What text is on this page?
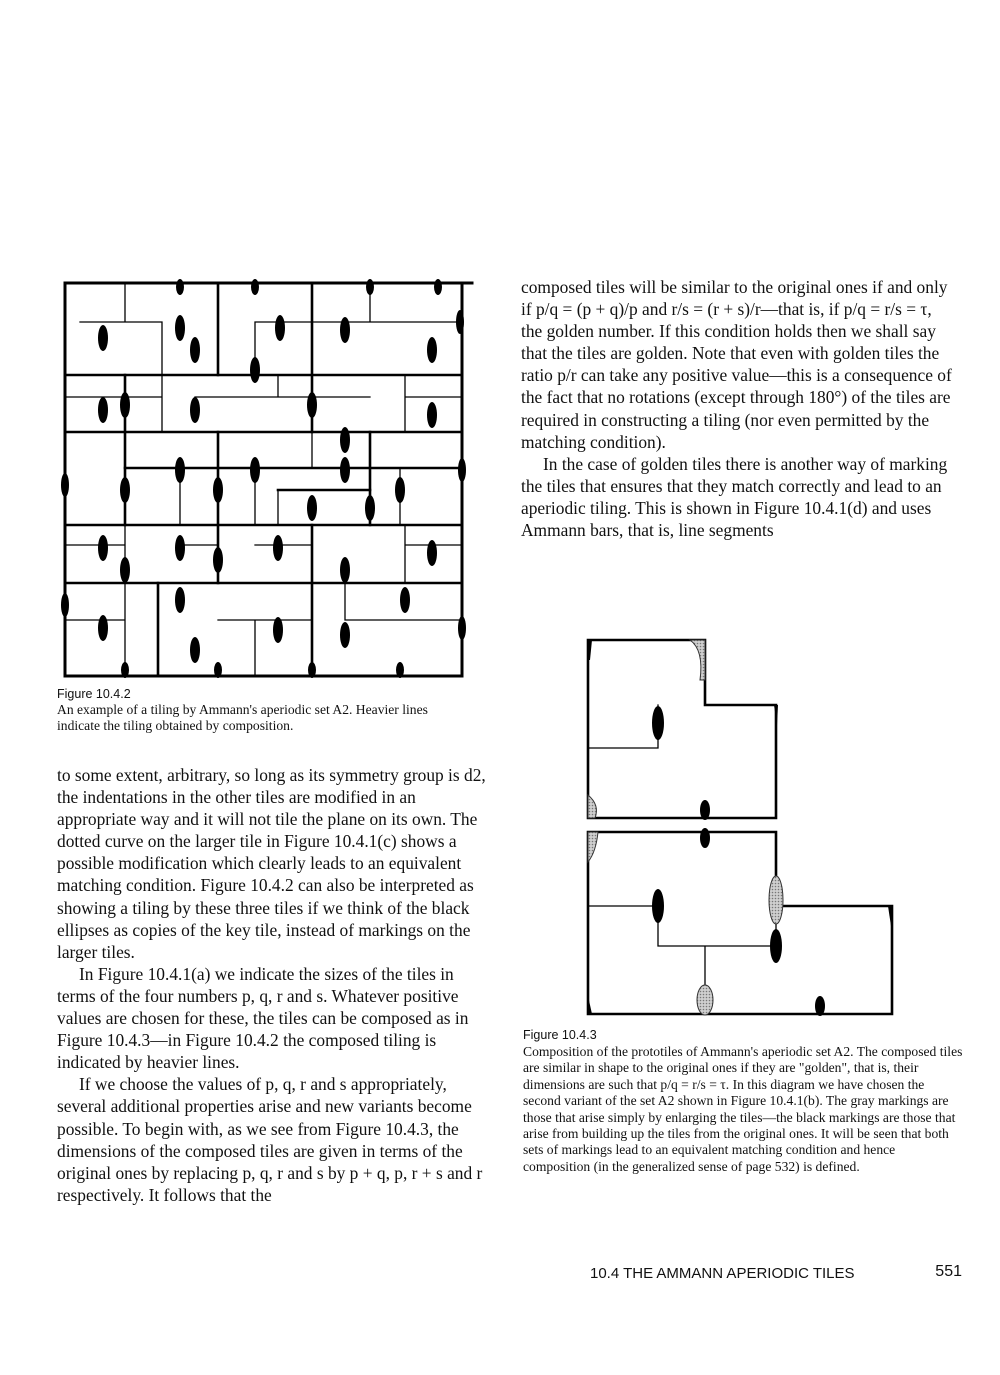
Figure 10.4.2
An example of a tiling by Ammann's aperiodic set A2. Heavier lines indicate the tiling obtained by composition.

composed tiles will be similar to the original ones if and only if p/q = (p + q)/p and r/s = (r + s)/r—that is, if p/q = r/s = τ, the golden number. If this condition holds then we shall say that the tiles are golden. Note that even with golden tiles the ratio p/r can take any positive value—this is a consequence of the fact that no rotations (except through 180°) of the tiles are required in constructing a tiling (nor even permitted by the matching condition).

In the case of golden tiles there is another way of marking the tiles that ensures that they match correctly and lead to an aperiodic tiling. This is shown in Figure 10.4.1(d) and uses Ammann bars, that is, line segments

to some extent, arbitrary, so long as its symmetry group is d2, the indentations in the other tiles are modified in an appropriate way and it will not tile the plane on its own. The dotted curve on the larger tile in Figure 10.4.1(c) shows a possible modification which clearly leads to an equivalent matching condition. Figure 10.4.2 can also be interpreted as showing a tiling by these three tiles if we think of the black ellipses as copies of the key tile, instead of markings on the larger tiles.

In Figure 10.4.1(a) we indicate the sizes of the tiles in terms of the four numbers p, q, r and s. Whatever positive values are chosen for these, the tiles can be composed as in Figure 10.4.3—in Figure 10.4.2 the composed tiling is indicated by heavier lines.

If we choose the values of p, q, r and s appropriately, several additional properties arise and new variants become possible. To begin with, as we see from Figure 10.4.3, the dimensions of the composed tiles are given in terms of the original ones by replacing p, q, r and s by p + q, p, r + s and r respectively. It follows that the

Figure 10.4.3
Composition of the prototiles of Ammann's aperiodic set A2. The composed tiles are similar in shape to the original ones if they are "golden", that is, their dimensions are such that p/q = r/s = τ. In this diagram we have chosen the second variant of the set A2 shown in Figure 10.4.1(b). The gray markings are those that arise simply by enlarging the tiles—the black markings are those that arise from building up the tiles from the original ones. It will be seen that both sets of markings lead to an equivalent matching condition and hence composition (in the generalized sense of page 532) is defined.
10.4 THE AMMANN APERIODIC TILES	551
